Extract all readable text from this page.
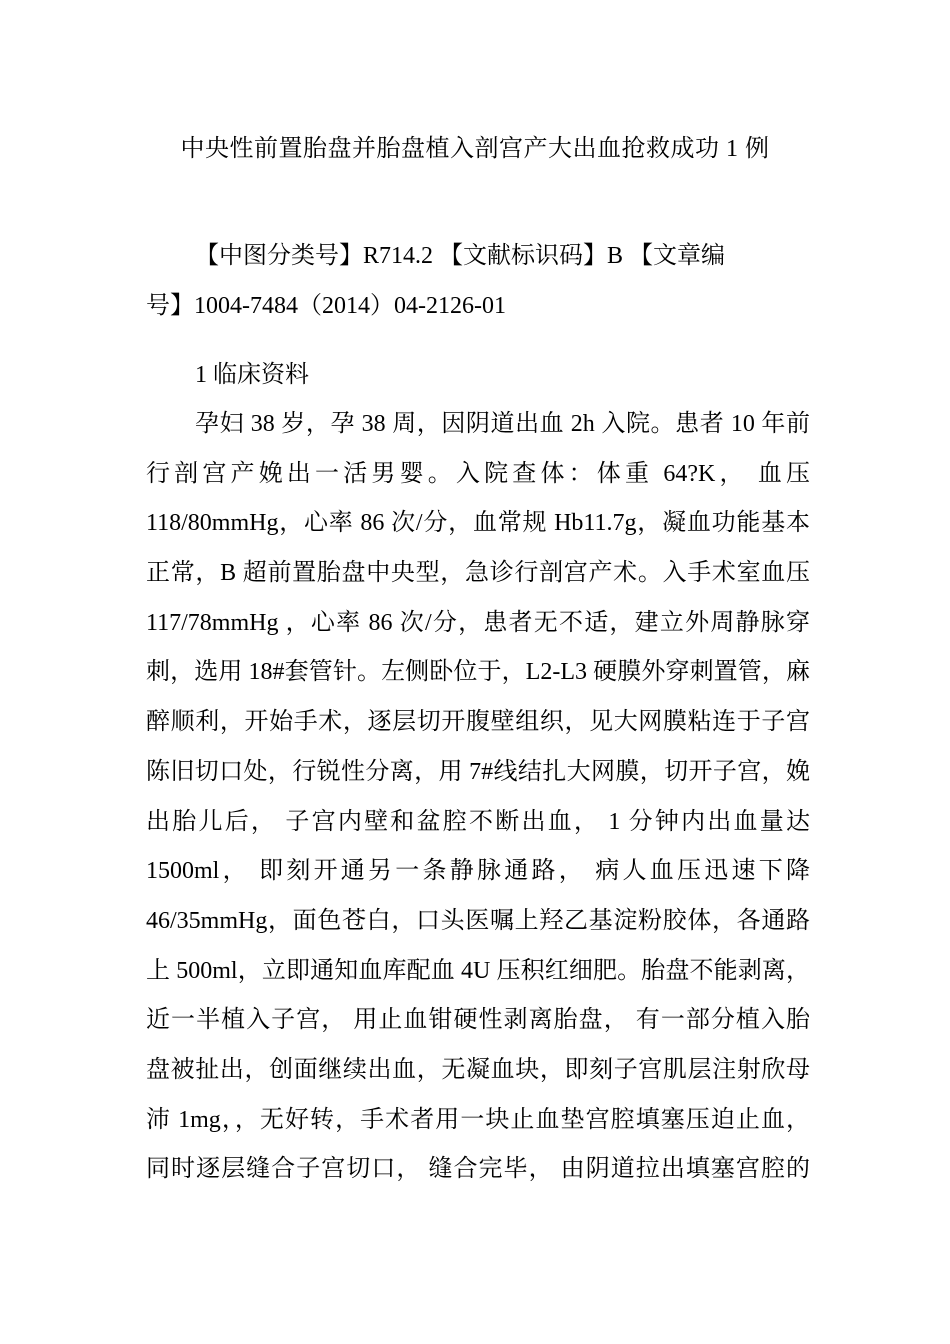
中央性前置胎盘并胎盘植入剖宫产大出血抢救成功 1 例
【中图分类号】R714.2 【文献标识码】B 【文章编
号】1004-7484（2014）04-2126-01
1 临床资料
孕妇 38 岁，孕 38 周，因阴道出血 2h 入院。患者 10 年前
行剖宫产娩出一活男婴。入院查体：体重 64?K， 血压
118/80mmHg，心率 86 次/分，血常规 Hb11.7g，凝血功能基本
正常，B 超前置胎盘中央型，急诊行剖宫产术。入手术室血压
117/78mmHg ，心率 86 次/分，患者无不适，建立外周静脉穿
刺，选用 18#套管针。左侧卧位于，L2-L3 硬膜外穿刺置管，麻
醉顺利，开始手术，逐层切开腹壁组织，见大网膜粘连于子宫
陈旧切口处，行锐性分离，用 7#线结扎大网膜，切开子宫，娩
出胎儿后， 子宫内壁和盆腔不断出血， 1 分钟内出血量达
1500ml， 即刻开通另一条静脉通路， 病人血压迅速下降
46/35mmHg，面色苍白，口头医嘱上羟乙基淀粉胶体，各通路
上 500ml，立即通知血库配血 4U 压积红细肥。胎盘不能剥离，
近一半植入子宫， 用止血钳硬性剥离胎盘， 有一部分植入胎
盘被扯出，创面继续出血，无凝血块，即刻子宫肌层注射欣母
沛 1mg，，无好转，手术者用一块止血垫宫腔填塞压迫止血，
同时逐层缝合子宫切口， 缝合完毕， 由阴道拉出填塞宫腔的
